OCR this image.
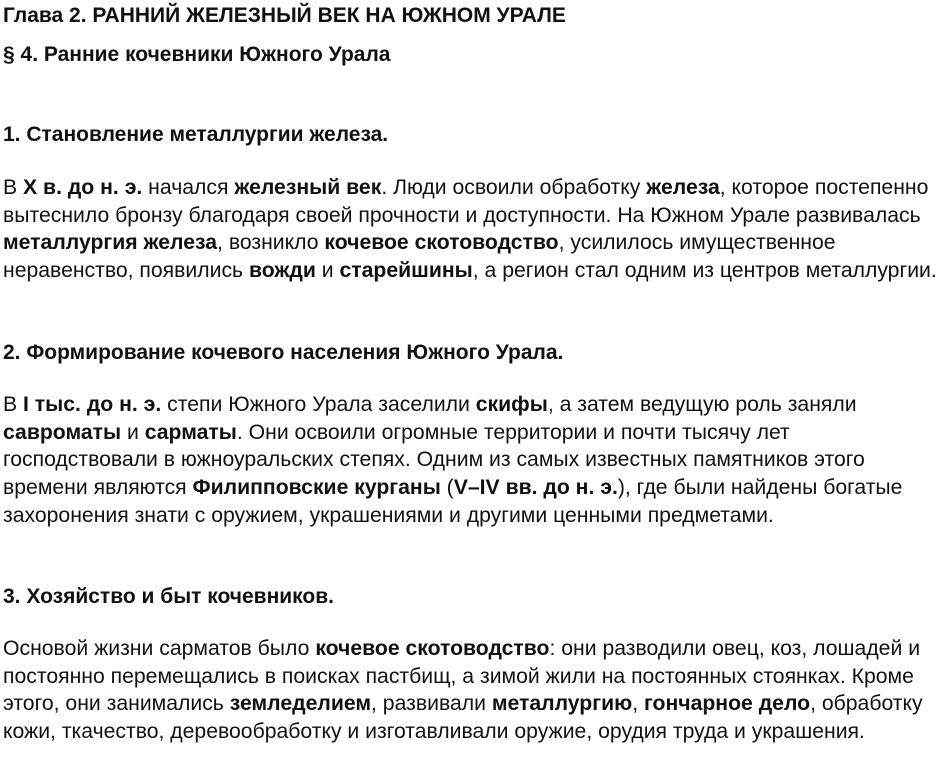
Глава 2. РАННИЙ ЖЕЛЕЗНЫЙ ВЕК НА ЮЖНОМ УРАЛЕ
§ 4. Ранние кочевники Южного Урала
1. Становление металлургии железа.

В X в. до н. э. начался железный век. Люди освоили обработку железа, которое постепенно вытеснило бронзу благодаря своей прочности и доступности. На Южном Урале развивалась металлургия железа, возникло кочевое скотоводство, усилилось имущественное неравенство, появились вожди и старейшины, а регион стал одним из центров металлургии.

2. Формирование кочевого населения Южного Урала.

В I тыс. до н. э. степи Южного Урала заселили скифы, а затем ведущую роль заняли савроматы и сарматы. Они освоили огромные территории и почти тысячу лет господствовали в южноуральских степях. Одним из самых известных памятников этого времени являются Филипповские курганы (V–IV вв. до н. э.), где были найдены богатые захоронения знати с оружием, украшениями и другими ценными предметами.

3. Хозяйство и быт кочевников.

Основой жизни сарматов было кочевое скотоводство: они разводили овец, коз, лошадей и постоянно перемещались в поисках пастбищ, а зимой жили на постоянных стоянках. Кроме этого, они занимались земледелием, развивали металлургию, гончарное дело, обработку кожи, ткачество, деревообработку и изготавливали оружие, орудия труда и украшения.
